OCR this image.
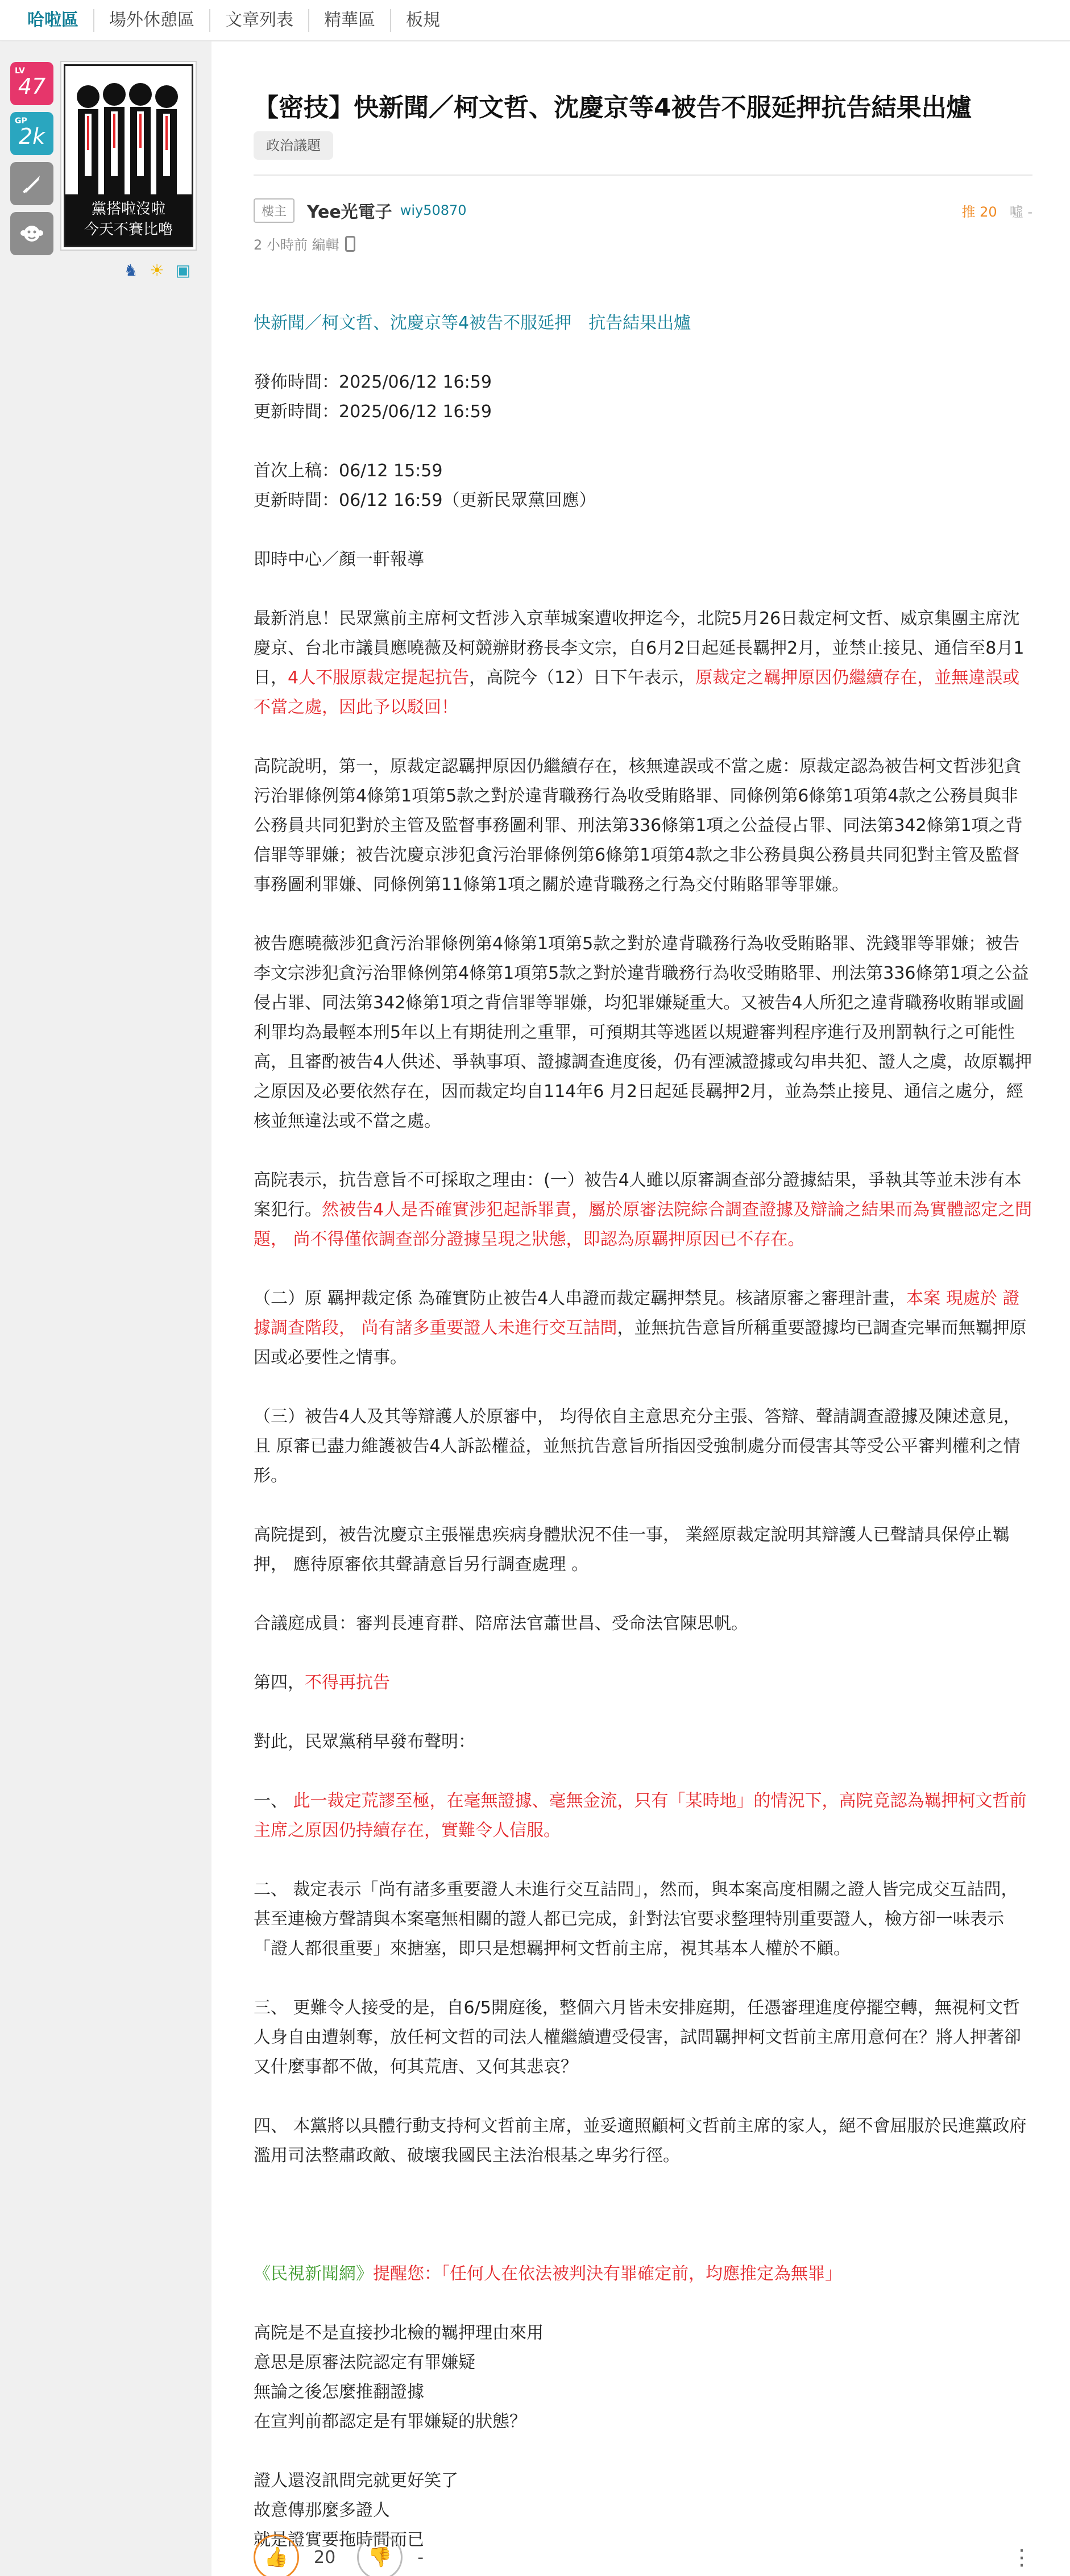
哈啦區	場外休憩區	文章列表	精華區	板規
LV
47
GP
2k
黨搭啦沒啦
今天不賽比嚕
♞ ☀ ▣
【密技】快新聞／柯文哲、沈慶京等4被告不服延押抗告結果出爐
政治議題
樓主	Yee光電子 wiy50870	推 20 噓 -
2 小時前 編輯

快新聞／柯文哲、沈慶京等4被告不服延押　抗告結果出爐

發佈時間：2025/06/12 16:59
更新時間：2025/06/12 16:59

首次上稿：06/12 15:59
更新時間：06/12 16:59（更新民眾黨回應）

即時中心／顏一軒報導

最新消息！民眾黨前主席柯文哲涉入京華城案遭收押迄今，北院5月26日裁定柯文哲、威京集團主席沈慶京、台北市議員應曉薇及柯競辦財務長李文宗，自6月2日起延長羈押2月，並禁止接見、通信至8月1日，4人不服原裁定提起抗告，高院今（12）日下午表示，原裁定之羈押原因仍繼續存在，並無違誤或不當之處，因此予以駁回！

高院說明，第一，原裁定認羈押原因仍繼續存在，核無違誤或不當之處：原裁定認為被告柯文哲涉犯貪污治罪條例第4條第1項第5款之對於違背職務行為收受賄賂罪、同條例第6條第1項第4款之公務員與非公務員共同犯對於主管及監督事務圖利罪、刑法第336條第1項之公益侵占罪、同法第342條第1項之背信罪等罪嫌；被告沈慶京涉犯貪污治罪條例第6條第1項第4款之非公務員與公務員共同犯對主管及監督事務圖利罪嫌、同條例第11條第1項之關於違背職務之行為交付賄賂罪等罪嫌。

被告應曉薇涉犯貪污治罪條例第4條第1項第5款之對於違背職務行為收受賄賂罪、洗錢罪等罪嫌；被告李文宗涉犯貪污治罪條例第4條第1項第5款之對於違背職務行為收受賄賂罪、刑法第336條第1項之公益侵占罪、同法第342條第1項之背信罪等罪嫌，均犯罪嫌疑重大。又被告4人所犯之違背職務收賄罪或圖利罪均為最輕本刑5年以上有期徒刑之重罪，可預期其等逃匿以規避審判程序進行及刑罰執行之可能性高，且審酌被告4人供述、爭執事項、證據調查進度後，仍有湮滅證據或勾串共犯、證人之虞，故原羈押之原因及必要依然存在，因而裁定均自114年6 月2日起延長羈押2月，並為禁止接見、通信之處分，經核並無違法或不當之處。

高院表示，抗告意旨不可採取之理由：(一）被告4人雖以原審調查部分證據結果，爭執其等並未涉有本案犯行。然被告4人是否確實涉犯起訴罪責，屬於原審法院綜合調查證據及辯論之結果而為實體認定之問題， 尚不得僅依調查部分證據呈現之狀態，即認為原羈押原因已不存在。

（二）原 羈押裁定係 為確實防止被告4人串證而裁定羈押禁見。核諸原審之審理計畫，本案 現處於 證據調查階段， 尚有諸多重要證人未進行交互詰問，並無抗告意旨所稱重要證據均已調查完畢而無羈押原因或必要性之情事。

（三）被告4人及其等辯護人於原審中， 均得依自主意思充分主張、答辯、聲請調查證據及陳述意見，且 原審已盡力維護被告4人訴訟權益，並無抗告意旨所指因受強制處分而侵害其等受公平審判權利之情形。

高院提到，被告沈慶京主張罹患疾病身體狀況不佳一事， 業經原裁定說明其辯護人已聲請具保停止羈押， 應待原審依其聲請意旨另行調查處理 。

合議庭成員：審判長連育群、陪席法官蕭世昌、受命法官陳思帆。

第四，不得再抗告

對此，民眾黨稍早發布聲明：

一、 此一裁定荒謬至極，在毫無證據、毫無金流，只有「某時地」的情況下，高院竟認為羈押柯文哲前主席之原因仍持續存在，實難令人信服。

二、 裁定表示「尚有諸多重要證人未進行交互詰問」，然而，與本案高度相關之證人皆完成交互詰問，甚至連檢方聲請與本案毫無相關的證人都已完成，針對法官要求整理特別重要證人，檢方卻一味表示「證人都很重要」來搪塞，即只是想羈押柯文哲前主席，視其基本人權於不顧。

三、 更難令人接受的是，自6/5開庭後，整個六月皆未安排庭期，任憑審理進度停擺空轉，無視柯文哲人身自由遭剝奪，放任柯文哲的司法人權繼續遭受侵害，試問羈押柯文哲前主席用意何在？將人押著卻又什麼事都不做，何其荒唐、又何其悲哀？

四、 本黨將以具體行動支持柯文哲前主席，並妥適照顧柯文哲前主席的家人，絕不會屈服於民進黨政府濫用司法整肅政敵、破壞我國民主法治根基之卑劣行徑。

《民視新聞網》提醒您：「任何人在依法被判決有罪確定前，均應推定為無罪」

高院是不是直接抄北檢的羈押理由來用
意思是原審法院認定有罪嫌疑
無論之後怎麼推翻證據
在宣判前都認定是有罪嫌疑的狀態？

證人還沒訊問完就更好笑了
故意傳那麼多證人
就是證實要拖時間而已

👍 20 👎 -	⋮
